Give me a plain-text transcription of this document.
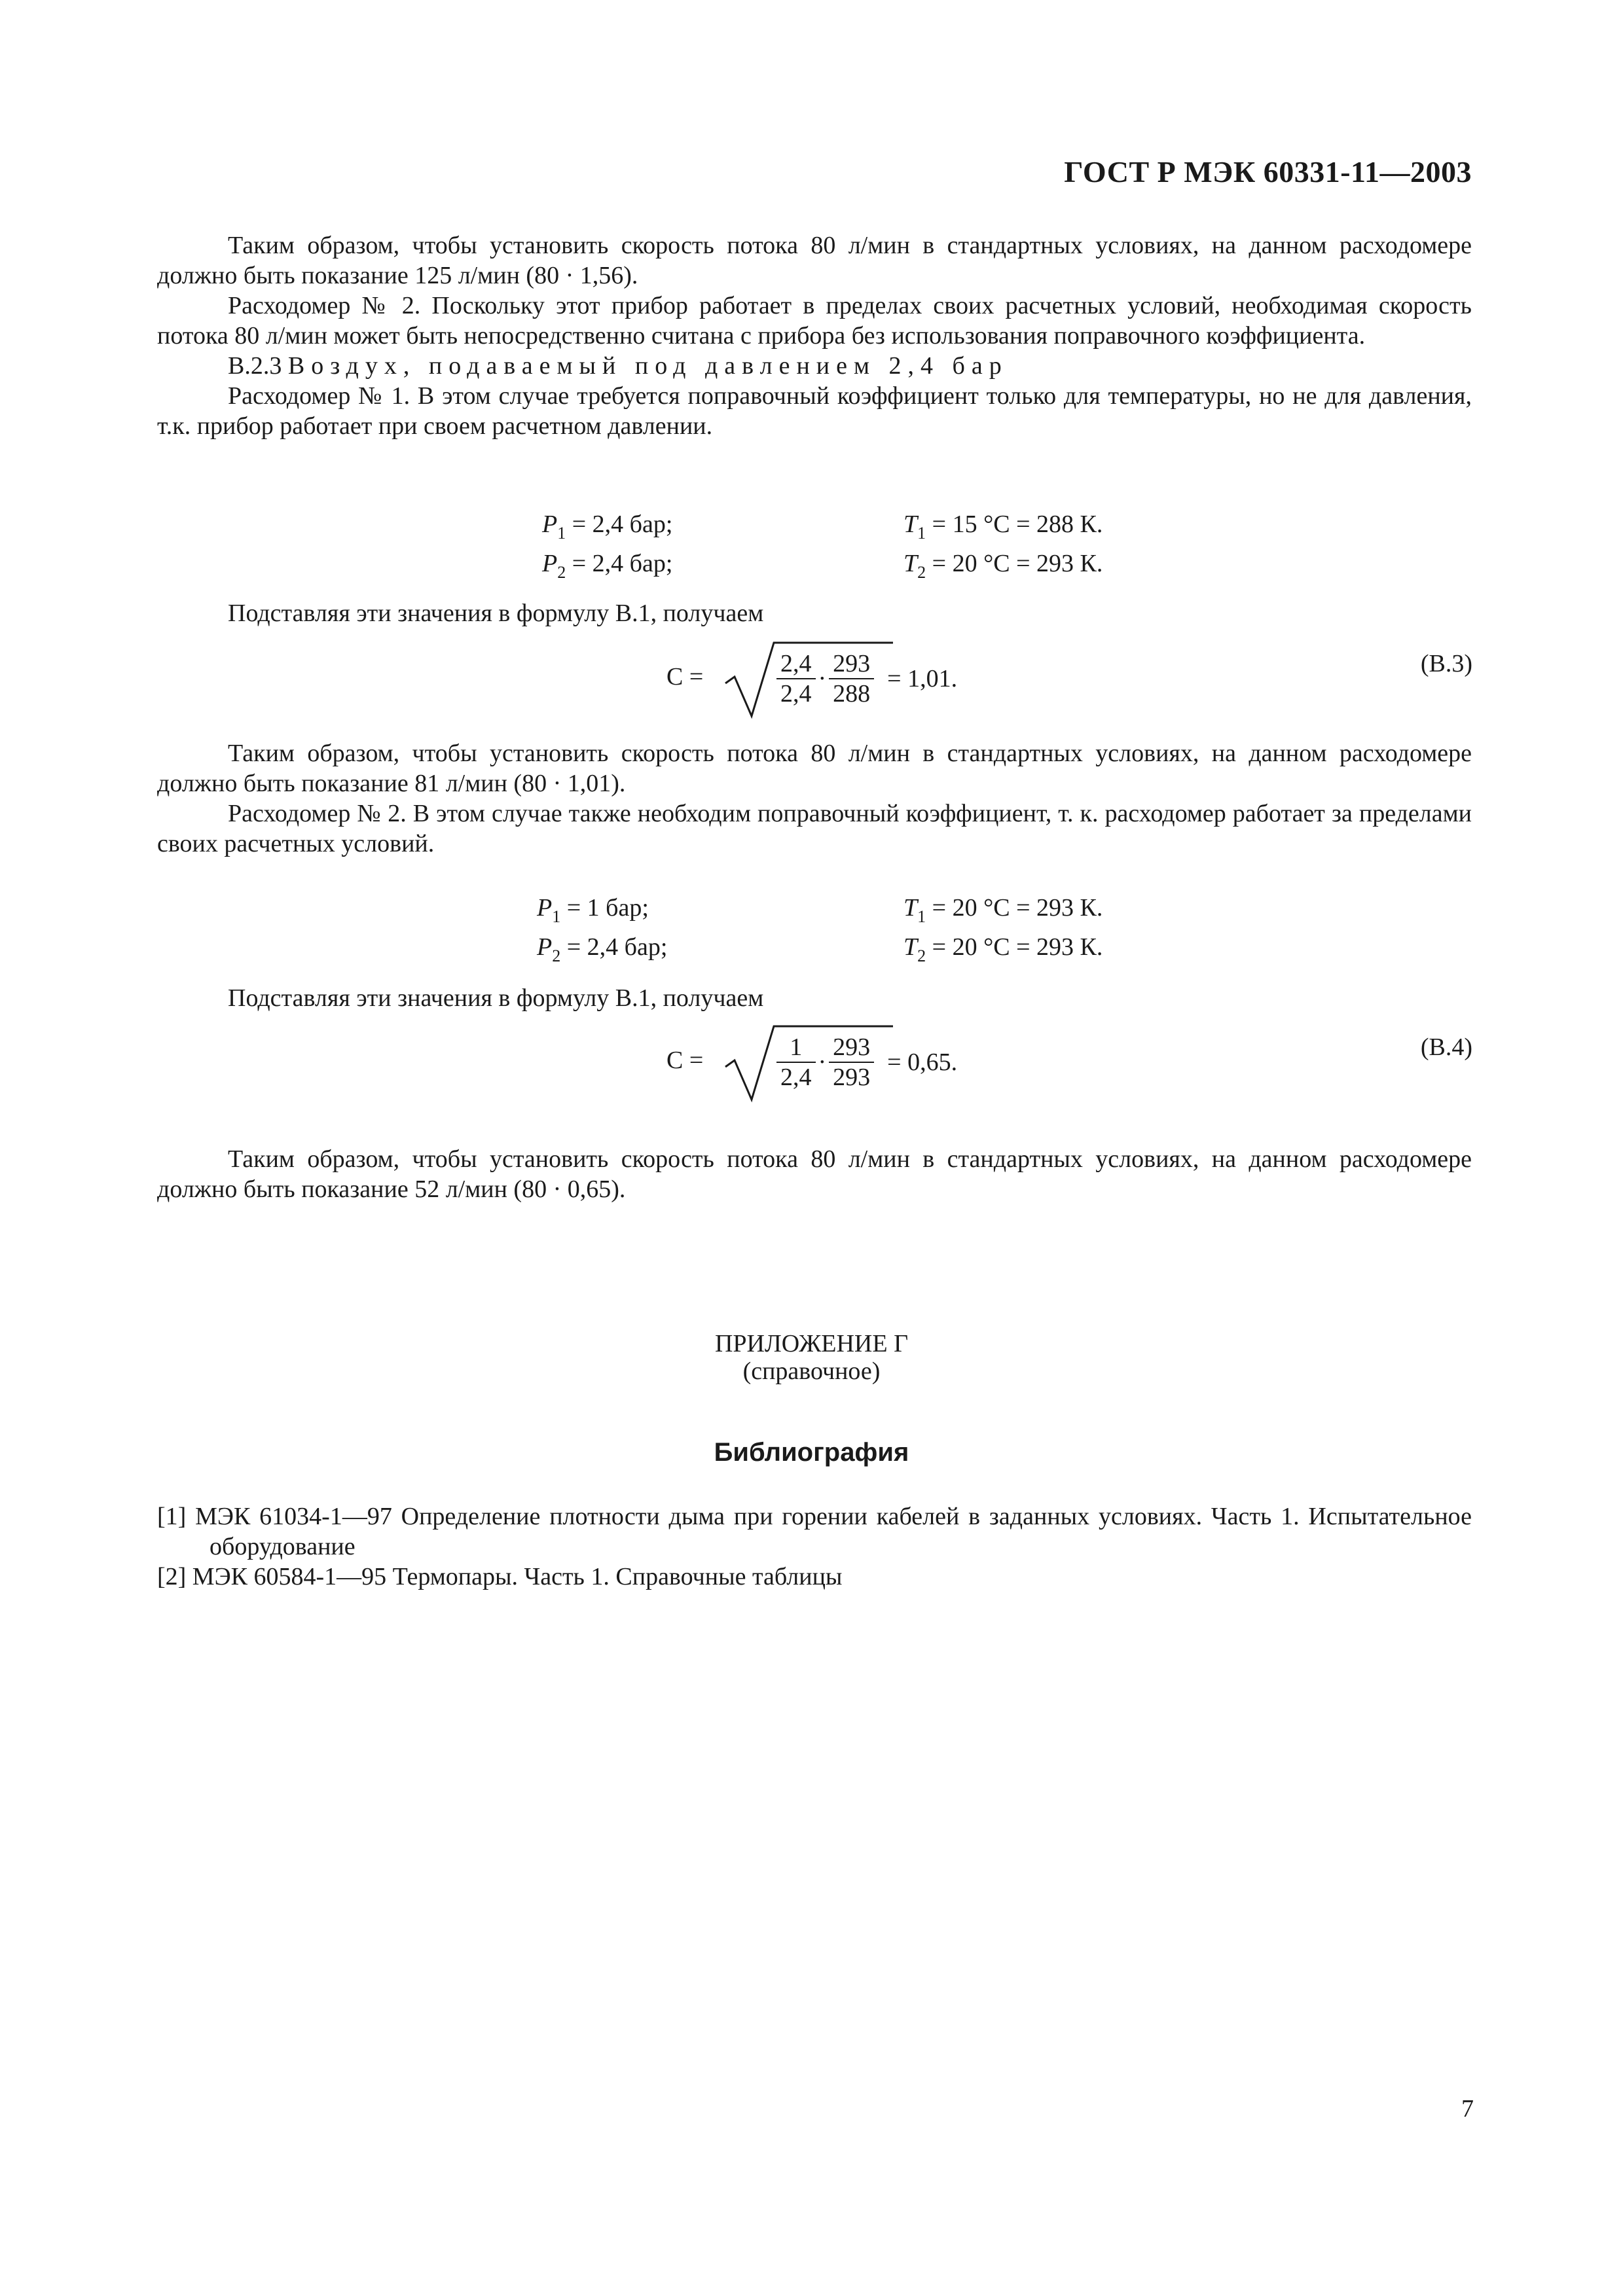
ГОСТ Р МЭК 60331-11—2003

Таким образом, чтобы установить скорость потока 80 л/мин в стандартных условиях, на данном расходомере должно быть показание 125 л/мин (80 · 1,56).

Расходомер № 2. Поскольку этот прибор работает в пределах своих расчетных условий, необходимая скорость потока 80 л/мин может быть непосредственно считана с прибора без использования поправочного коэффициента.

В.2.3 Воздух, подаваемый под давлением 2,4 бар

Расходомер № 1. В этом случае требуется поправочный коэффициент только для температуры, но не для давления, т.к. прибор работает при своем расчетном давлении.

$P_1 = 2,4$ бар;
$P_2 = 2,4$ бар;
$T_1 = 15$ °С = 288 К.
$T_2 = 20$ °С = 293 К.

Подставляя эти значения в формулу В.1, получаем

C =	$\frac{2,4}{2,4} \cdot \frac{293}{288} = 1,01$.
(В.3)

Таким образом, чтобы установить скорость потока 80 л/мин в стандартных условиях, на данном расходомере должно быть показание 81 л/мин (80 · 1,01).

Расходомер № 2. В этом случае также необходим поправочный коэффициент, т. к. расходомер работает за пределами своих расчетных условий.

$P_1 = 1$ бар;
$P_2 = 2,4$ бар;
$T_1 = 20$ °С = 293 К.
$T_2 = 20$ °С = 293 К.

Подставляя эти значения в формулу В.1, получаем

C =	$\frac{1}{2,4} \cdot \frac{293}{293} = 0,65$.
(В.4)

Таким образом, чтобы установить скорость потока 80 л/мин в стандартных условиях, на данном расходомере должно быть показание 52 л/мин (80 · 0,65).

ПРИЛОЖЕНИЕ Г
(справочное)
Библиография

[1] МЭК 61034-1—97 Определение плотности дыма при горении кабелей в заданных условиях. Часть 1. Испытательное оборудование

[2] МЭК 60584-1—95 Термопары. Часть 1. Справочные таблицы

7
